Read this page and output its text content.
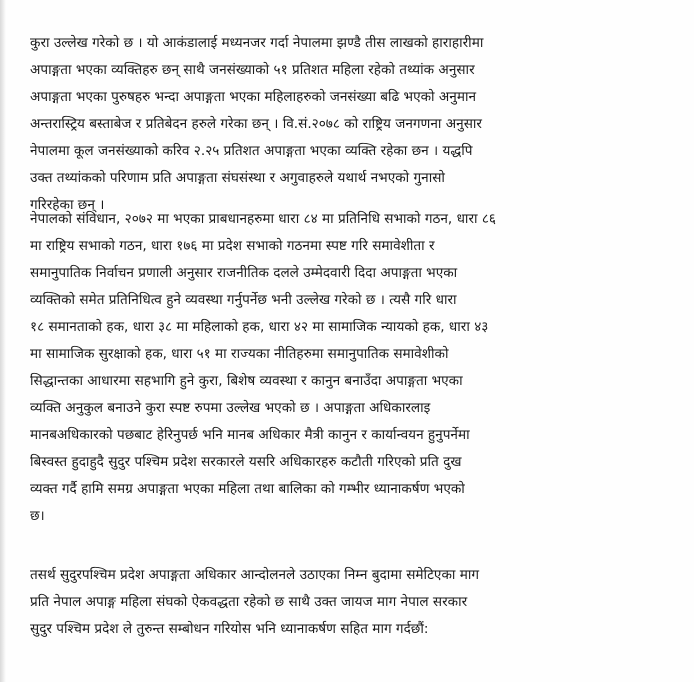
कुरा उल्लेख गरेको छ । यो आकंडालाई मध्यनजर गर्दा नेपालमा झण्डै तीस लाखको हाराहारीमा
अपाङ्गता भएका व्यक्तिहरु छन् साथै जनसंख्याको ५१ प्रतिशत महिला रहेको तथ्यांक अनुसार
अपाङ्गता भएका पुरुषहरु भन्दा अपाङ्गता भएका महिलाहरुको जनसंख्या बढि भएको अनुमान
अन्तरास्ट्रिय बस्ताबेज र प्रतिबेदन हरुले गरेका छन् । वि.सं.२०७८ को राष्ट्रिय जनगणना अनुसार
नेपालमा कूल जनसंख्याको करिव २.२५ प्रतिशत अपाङ्गता भएका व्यक्ति रहेका छन । यद्धपि
उक्त तथ्यांकको परिणाम प्रति अपाङ्गता संघसंस्था र अगुवाहरुले यथार्थ नभएको गुनासो
गरिरहेका छन् ।

नेपालको संविधान, २०७२ मा भएका प्राबधानहरुमा धारा ८४ मा प्रतिनिधि सभाको गठन, धारा ८६
मा राष्ट्रिय सभाको गठन, धारा १७६ मा प्रदेश सभाको गठनमा स्पष्ट गरि समावेशीता र
समानुपातिक निर्वाचन प्रणाली अनुसार राजनीतिक दलले उम्मेदवारी दिदा अपाङ्गता भएका
व्यक्तिको समेत प्रतिनिधित्व हुने व्यवस्था गर्नुपर्नेछ भनी उल्लेख गरेको छ । त्यसै गरि धारा
१८ समानताको हक, धारा ३८ मा महिलाको हक, धारा ४२ मा सामाजिक न्यायको हक, धारा ४३
मा सामाजिक सुरक्षाको हक, धारा ५१ मा राज्यका नीतिहरुमा समानुपातिक समावेशीको
सिद्धान्तका आधारमा सहभागि हुने कुरा, बिशेष व्यवस्था र कानुन बनाउँदा अपाङ्गता भएका
व्यक्ति अनुकुल बनाउने कुरा स्पष्ट रुपमा उल्लेख भएको छ । अपाङ्गता अधिकारलाइ
मानबअधिकारको पछबाट हेरिनुपर्छ भनि मानब अधिकार मैत्री कानुन र कार्यान्वयन हुनुपर्नेमा
बिस्वस्त हुदाहुदै सुदुर पश्चिम प्रदेश सरकारले यसरि अधिकारहरु कटौती गरिएको प्रति दुख
व्यक्त गर्दै हामि समग्र अपाङ्गता भएका महिला तथा बालिका को गम्भीर ध्यानाकर्षण भएको
छ।

तसर्थ सुदुरपश्चिम प्रदेश अपाङ्गता अधिकार आन्दोलनले उठाएका निम्न बुदामा समेटिएका माग
प्रति नेपाल अपाङ्ग महिला संघको ऐकवद्धता रहेको छ साथै उक्त जायज माग नेपाल सरकार
सुदुर पश्चिम प्रदेश ले तुरुन्त सम्बोधन गरियोस भनि ध्यानाकर्षण सहित माग गर्दछौं:
